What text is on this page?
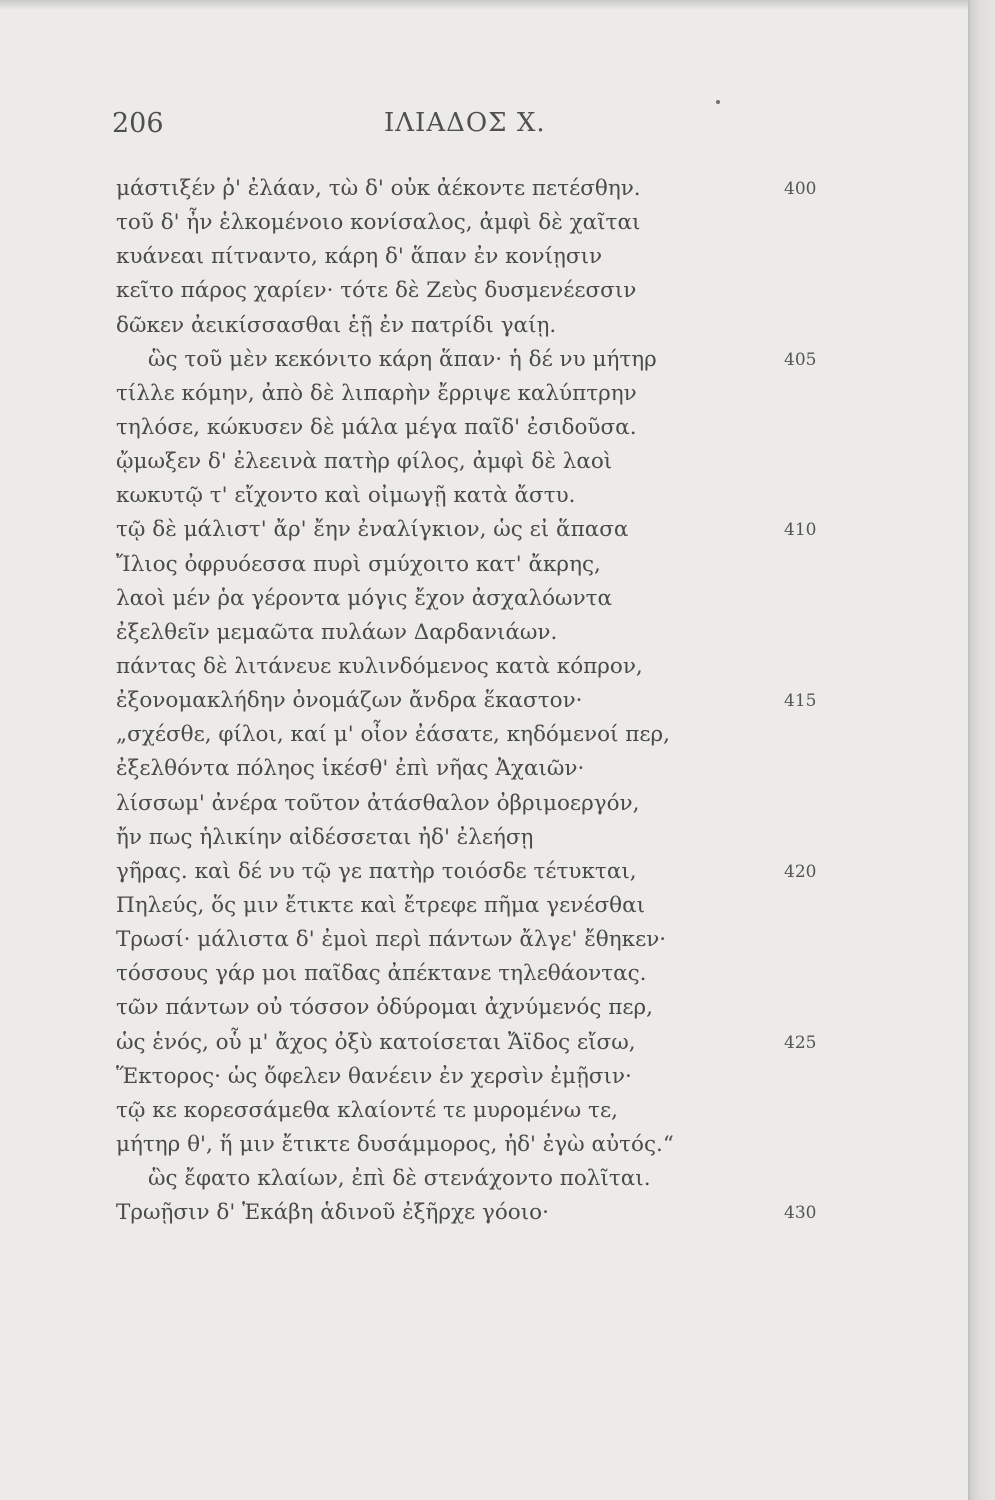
206	ΙΛΙΑΔΟΣ Χ.
μάστιξέν ῥ' ἐλάαν, τὼ δ' οὐκ ἀέκοντε πετέσθην.	400
τοῦ δ' ἦν ἑλκομένοιο κονίσαλος, ἀμφὶ δὲ χαῖται
κυάνεαι πίτναντο, κάρη δ' ἅπαν ἐν κονίῃσιν
κεῖτο πάρος χαρίεν· τότε δὲ Ζεὺς δυσμενέεσσιν
δῶκεν ἀεικίσσασθαι ἑῇ ἐν πατρίδι γαίῃ.
ὣς τοῦ μὲν κεκόνιτο κάρη ἅπαν· ἡ δέ νυ μήτηρ	405
τίλλε κόμην, ἀπὸ δὲ λιπαρὴν ἔρριψε καλύπτρην
τηλόσε, κώκυσεν δὲ μάλα μέγα παῖδ' ἐσιδοῦσα.
ᾤμωξεν δ' ἐλεεινὰ πατὴρ φίλος, ἀμφὶ δὲ λαοὶ
κωκυτῷ τ' εἴχοντο καὶ οἰμωγῇ κατὰ ἄστυ.
τῷ δὲ μάλιστ' ἄρ' ἔην ἐναλίγκιον, ὡς εἰ ἅπασα	410
Ἴλιος ὀφρυόεσσα πυρὶ σμύχοιτο κατ' ἄκρης,
λαοὶ μέν ῥα γέροντα μόγις ἔχον ἀσχαλόωντα
ἐξελθεῖν μεμαῶτα πυλάων Δαρδανιάων.
πάντας δὲ λιτάνευε κυλινδόμενος κατὰ κόπρον,
ἐξονομακλήδην ὀνομάζων ἄνδρα ἕκαστον·	415
„σχέσθε, φίλοι, καί μ' οἶον ἐάσατε, κηδόμενοί περ,
ἐξελθόντα πόληος ἱκέσθ' ἐπὶ νῆας Ἀχαιῶν·
λίσσωμ' ἀνέρα τοῦτον ἀτάσθαλον ὀβριμοεργόν,
ἤν πως ἡλικίην αἰδέσσεται ἠδ' ἐλεήσῃ
γῆρας. καὶ δέ νυ τῷ γε πατὴρ τοιόσδε τέτυκται,	420
Πηλεύς, ὅς μιν ἔτικτε καὶ ἔτρεφε πῆμα γενέσθαι
Τρωσί· μάλιστα δ' ἐμοὶ περὶ πάντων ἄλγε' ἔθηκεν·
τόσσους γάρ μοι παῖδας ἀπέκτανε τηλεθάοντας.
τῶν πάντων οὐ τόσσον ὀδύρομαι ἀχνύμενός περ,
ὡς ἑνός, οὗ μ' ἄχος ὀξὺ κατοίσεται Ἄϊδος εἴσω,	425
Ἕκτορος· ὡς ὄφελεν θανέειν ἐν χερσὶν ἐμῇσιν·
τῷ κε κορεσσάμεθα κλαίοντέ τε μυρομένω τε,
μήτηρ θ', ἥ μιν ἔτικτε δυσάμμορος, ἠδ' ἐγὼ αὐτός.“
ὣς ἔφατο κλαίων, ἐπὶ δὲ στενάχοντο πολῖται.
Τρωῇσιν δ' Ἑκάβη ἁδινοῦ ἐξῆρχε γόοιο·	430
